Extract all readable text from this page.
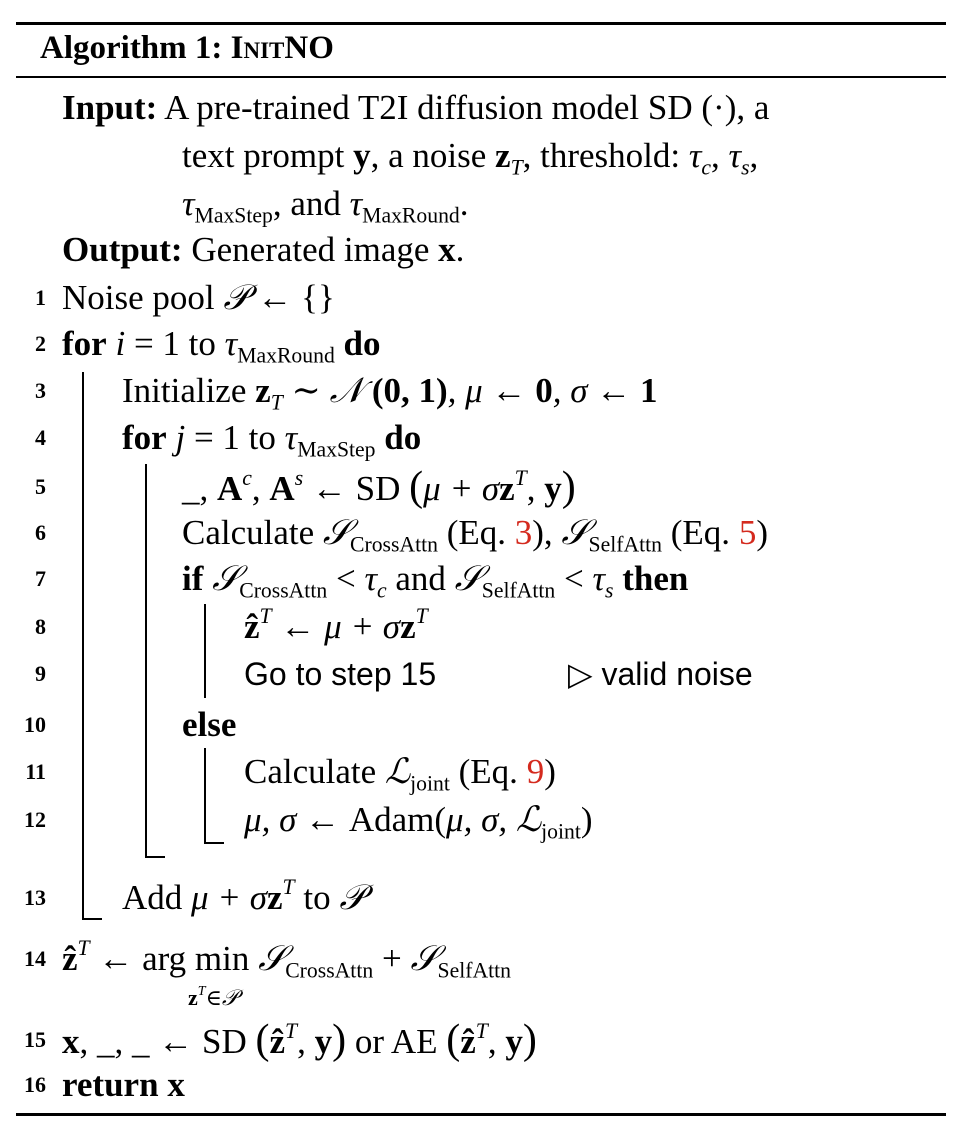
Algorithm 1: InitNO
Input: A pre-trained T2I diffusion model SD (·), a
text prompt y, a noise $z_T$, threshold: $\tau_c$, $\tau_s$,
$\tau_{MaxStep}$, and $\tau_{MaxRound}$.
Output: Generated image x.
1
2
3
4
5
6
7
8
9
10
11
12
13
14
15
16
Noise pool 𝒫 ← {}
for i = 1 to $\tau_{MaxRound}$ do
Initialize $z_T$ ∼ 𝒩 (0, 1), μ ← 0, σ ← 1
for j = 1 to $\tau_{MaxStep}$ do
_, $A^c$, $A^s$ ← SD ($\mu + \sigma z^T$, y)
Calculate 𝒮$_{CrossAttn}$ (Eq. 3), 𝒮$_{SelfAttn}$ (Eq. 5)
if 𝒮$_{CrossAttn}$ < $\tau_c$ and 𝒮$_{SelfAttn}$ < $\tau_s$ then
ẑ$^T$ ← $\mu + \sigma z^T$
Go to step 15	▷ valid noise
else
Calculate ℒ$_{joint}$ (Eq. 9)
μ, σ ← Adam(μ, σ, ℒ$_{joint}$)
Add $\mu + \sigma z^T$ to 𝒫
ẑ$^T$ ← arg min 𝒮$_{CrossAttn}$ + 𝒮$_{SelfAttn}$
$z^T\in 𝒫$
x, _, _ ← SD (ẑ$^T$, y) or AE (ẑ$^T$, y)
return x
